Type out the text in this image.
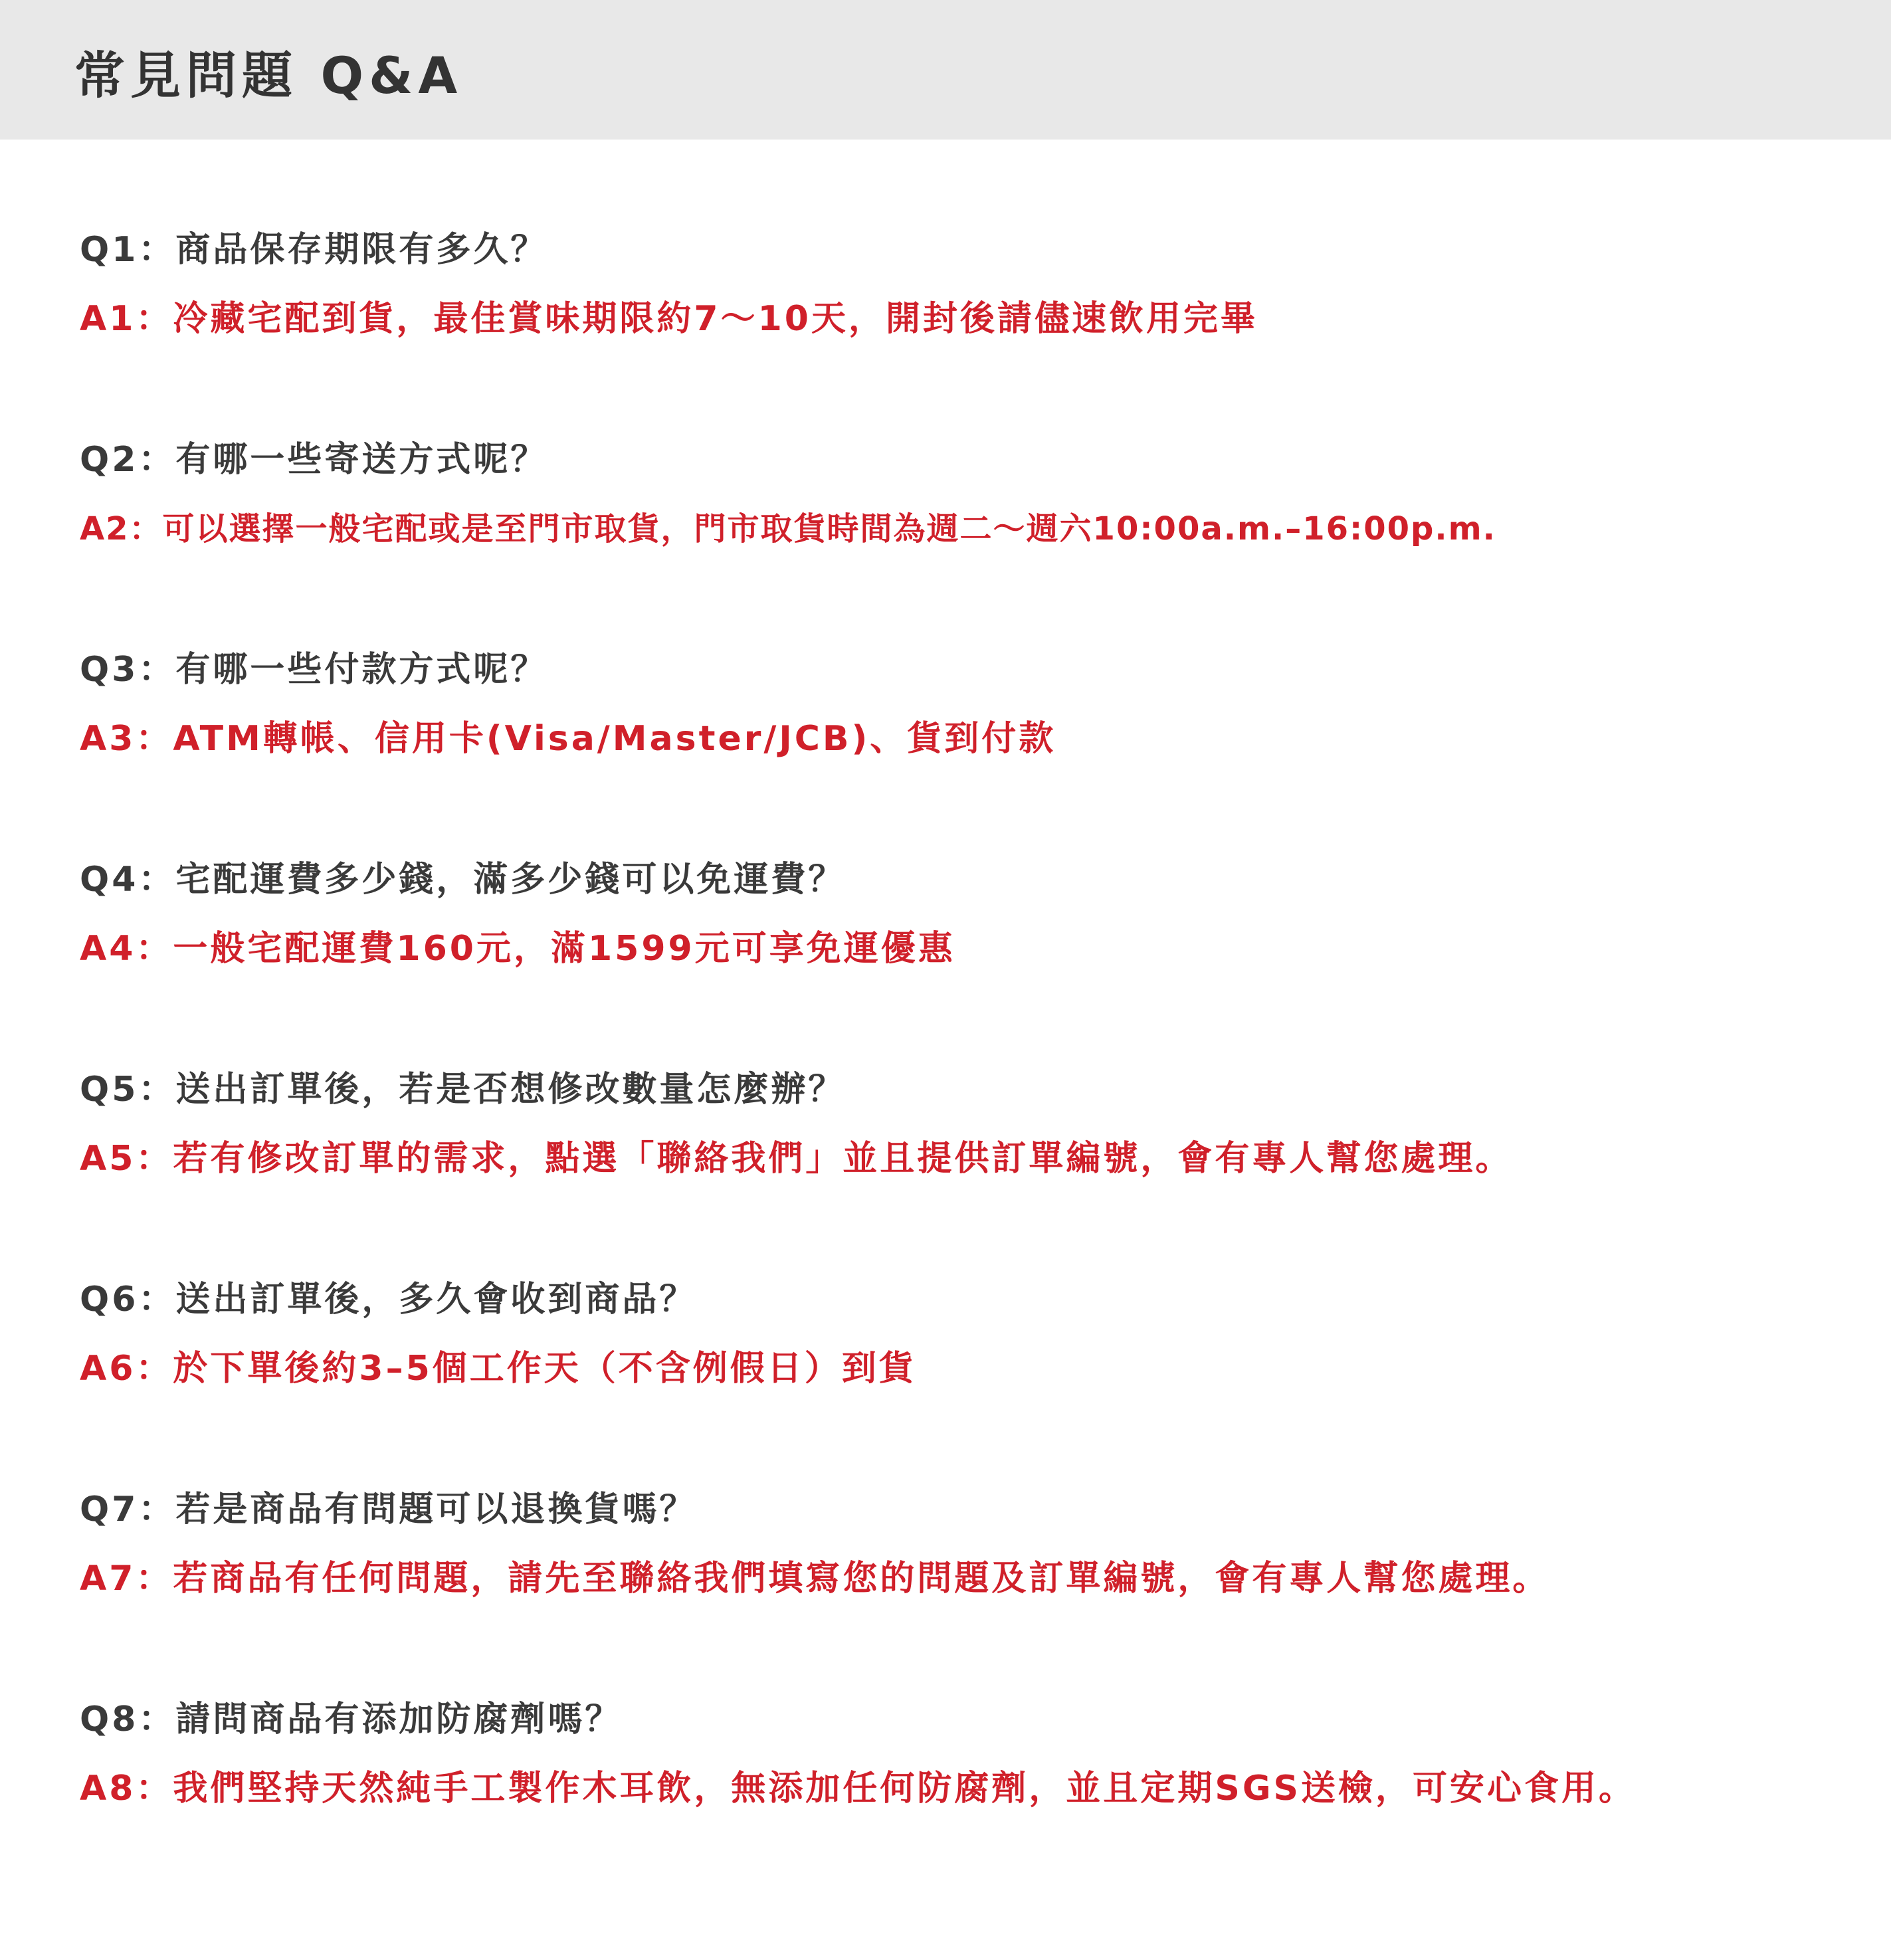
常見問題 Q&A
Q1：商品保存期限有多久？
A1：冷藏宅配到貨，最佳賞味期限約7～10天，開封後請儘速飲用完畢
Q2：有哪一些寄送方式呢？
A2：可以選擇一般宅配或是至門市取貨，門市取貨時間為週二～週六10:00a.m.–16:00p.m.
Q3：有哪一些付款方式呢？
A3：ATM轉帳、信用卡(Visa/Master/JCB)、貨到付款
Q4：宅配運費多少錢，滿多少錢可以免運費？
A4：一般宅配運費160元，滿1599元可享免運優惠
Q5：送出訂單後，若是否想修改數量怎麼辦？
A5：若有修改訂單的需求，點選「聯絡我們」並且提供訂單編號，會有專人幫您處理。
Q6：送出訂單後，多久會收到商品？
A6：於下單後約3–5個工作天（不含例假日）到貨
Q7：若是商品有問題可以退換貨嗎？
A7：若商品有任何問題，請先至聯絡我們填寫您的問題及訂單編號，會有專人幫您處理。
Q8：請問商品有添加防腐劑嗎？
A8：我們堅持天然純手工製作木耳飲，無添加任何防腐劑，並且定期SGS送檢，可安心食用。
